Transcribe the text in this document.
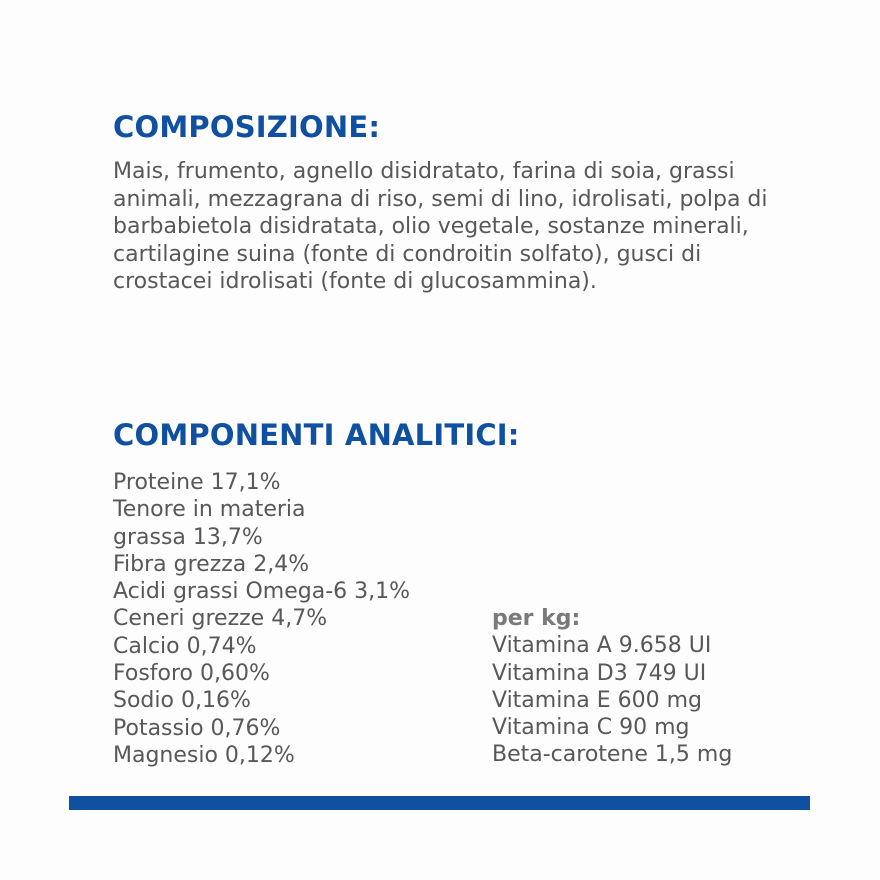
COMPOSIZIONE:

Mais, frumento, agnello disidratato, farina di soia, grassi animali, mezzagrana di riso, semi di lino, idrolisati, polpa di barbabietola disidratata, olio vegetale, sostanze minerali, cartilagine suina (fonte di condroitin solfato), gusci di crostacei idrolisati (fonte di glucosammina).

COMPONENTI ANALITICI:
Proteine 17,1%
Tenore in materia
grassa 13,7%
Fibra grezza 2,4%
Acidi grassi Omega-6 3,1%
Ceneri grezze 4,7%
Calcio 0,74%
Fosforo 0,60%
Sodio 0,16%
Potassio 0,76%
Magnesio 0,12%
per kg:
Vitamina A 9.658 UI
Vitamina D3 749 UI
Vitamina E 600 mg
Vitamina C 90 mg
Beta-carotene 1,5 mg
